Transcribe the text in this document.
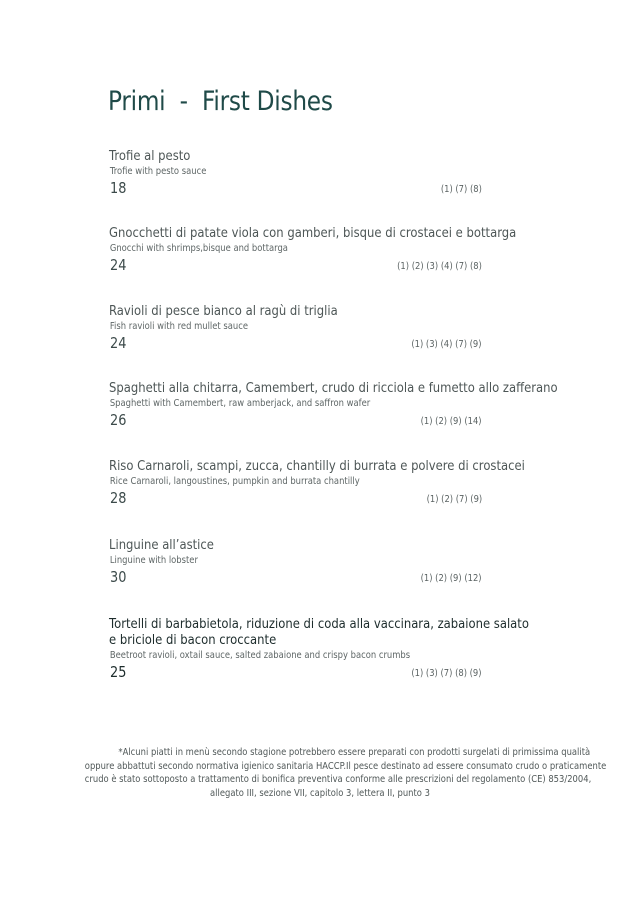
Primi  -  First Dishes
Trofie al pesto
Trofie with pesto sauce
18	(1) (7) (8)
Gnocchetti di patate viola con gamberi, bisque di crostacei e bottarga
Gnocchi with shrimps,bisque and bottarga
24	(1) (2) (3) (4) (7) (8)
Ravioli di pesce bianco al ragù di triglia
Fish ravioli with red mullet sauce
24	(1) (3) (4) (7) (9)
Spaghetti alla chitarra, Camembert, crudo di ricciola e fumetto allo zafferano
Spaghetti with Camembert, raw amberjack, and saffron wafer
26	(1) (2) (9) (14)
Riso Carnaroli, scampi, zucca, chantilly di burrata e polvere di crostacei
Rice Carnaroli, langoustines, pumpkin and burrata chantilly
28	(1) (2) (7) (9)
Linguine all’astice
Linguine with lobster
30	(1) (2) (9) (12)
Tortelli di barbabietola, riduzione di coda alla vaccinara, zabaione salato
e briciole di bacon croccante
Beetroot ravioli, oxtail sauce, salted zabaione and crispy bacon crumbs
25	(1) (3) (7) (8) (9)
*Alcuni piatti in menù secondo stagione potrebbero essere preparati con prodotti surgelati di primissima qualità
oppure abbattuti secondo normativa igienico sanitaria HACCP.Il pesce destinato ad essere consumato crudo o praticamente
crudo è stato sottoposto a trattamento di bonifica preventiva conforme alle prescrizioni del regolamento (CE) 853/2004,
allegato III, sezione VII, capitolo 3, lettera II, punto 3
